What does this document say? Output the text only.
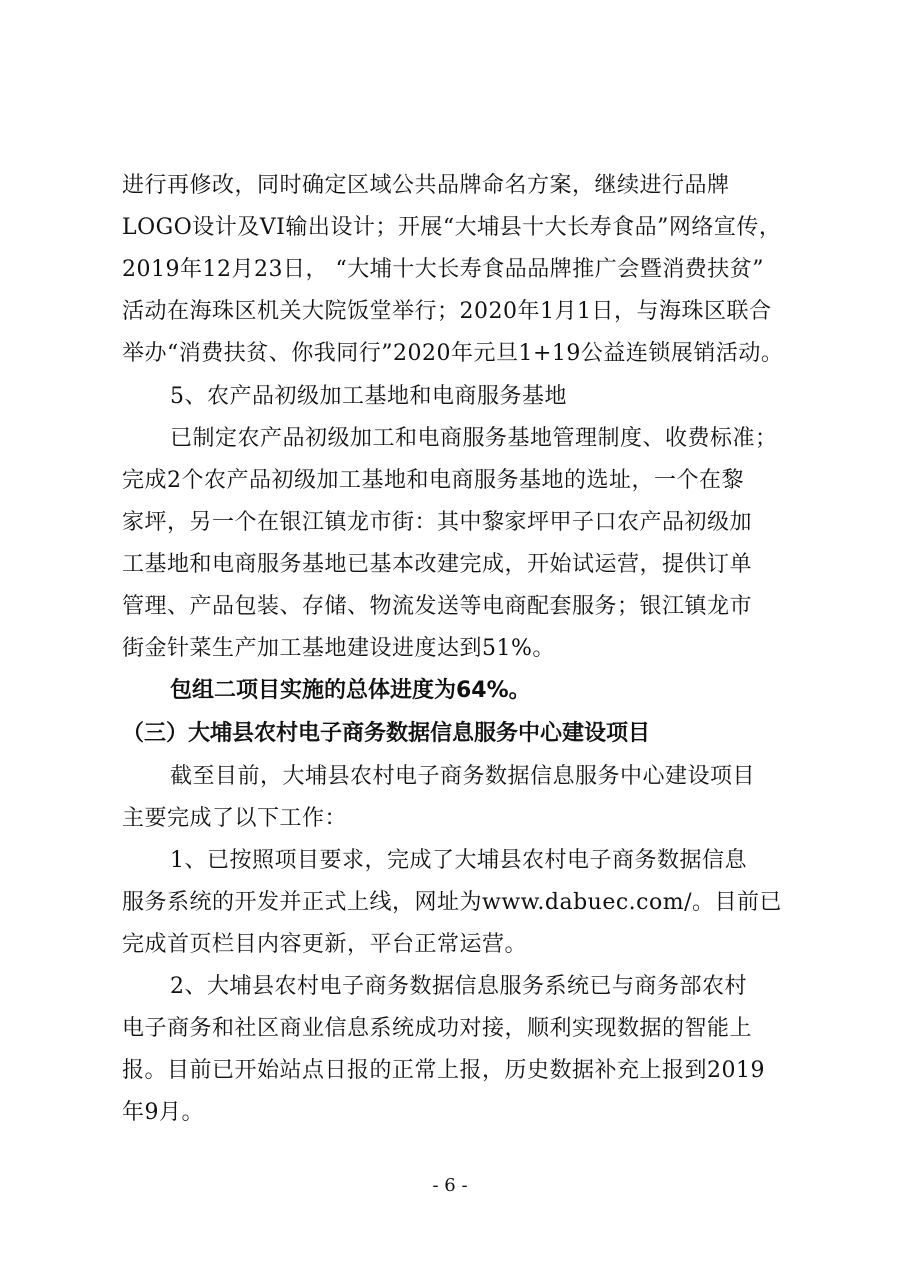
进行再修改，同时确定区域公共品牌命名方案，继续进行品牌
LOGO设计及VI输出设计；开展“大埔县十大长寿食品”网络宣传，
2019年12月23日， “大埔十大长寿食品品牌推广会暨消费扶贫”
活动在海珠区机关大院饭堂举行；2020年1月1日，与海珠区联合
举办“消费扶贫、你我同行”2020年元旦1+19公益连锁展销活动。
5、农产品初级加工基地和电商服务基地
已制定农产品初级加工和电商服务基地管理制度、收费标准；
完成2个农产品初级加工基地和电商服务基地的选址，一个在黎
家坪，另一个在银江镇龙市街：其中黎家坪甲子口农产品初级加
工基地和电商服务基地已基本改建完成，开始试运营，提供订单
管理、产品包装、存储、物流发送等电商配套服务；银江镇龙市
街金针菜生产加工基地建设进度达到51%。
包组二项目实施的总体进度为64%。
（三）大埔县农村电子商务数据信息服务中心建设项目
截至目前，大埔县农村电子商务数据信息服务中心建设项目
主要完成了以下工作：
1、已按照项目要求，完成了大埔县农村电子商务数据信息
服务系统的开发并正式上线，网址为www.dabuec.com/。目前已
完成首页栏目内容更新，平台正常运营。
2、大埔县农村电子商务数据信息服务系统已与商务部农村
电子商务和社区商业信息系统成功对接，顺利实现数据的智能上
报。目前已开始站点日报的正常上报，历史数据补充上报到2019
年9月。
- 6 -
